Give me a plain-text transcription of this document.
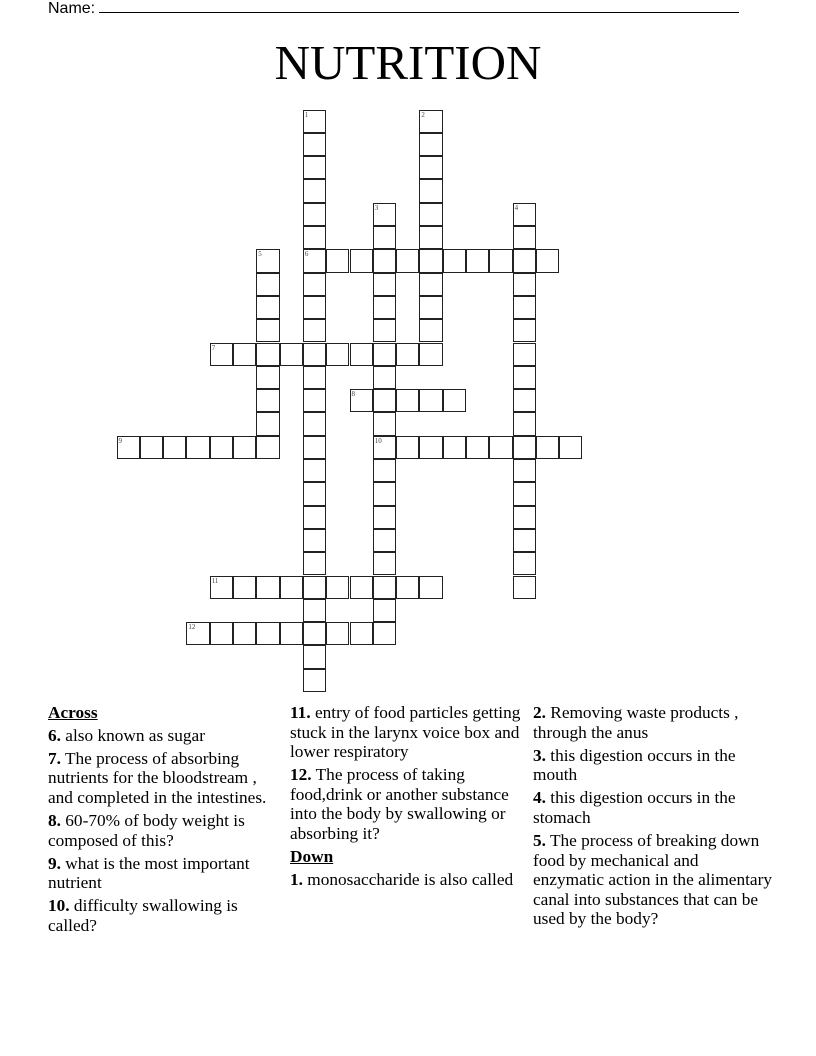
Name:
NUTRITION
1
6
2
3
10
4
5
7
8
9
11
12
Across
6. also known as sugar
7. The process of absorbing nutrients for the bloodstream , and completed in the intestines.
8. 60-70% of body weight is composed of this?
9. what is the most important nutrient
10. difficulty swallowing is called?
11. entry of food particles getting stuck in the larynx voice box and lower respiratory
12. The process of taking food,drink or another substance into the body by swallowing or absorbing it?
Down
1. monosaccharide is also called
2. Removing waste products , through the anus
3. this digestion occurs in the mouth
4. this digestion occurs in the stomach
5. The process of breaking down food by mechanical and enzymatic action in the alimentary canal into substances that can be used by the body?
